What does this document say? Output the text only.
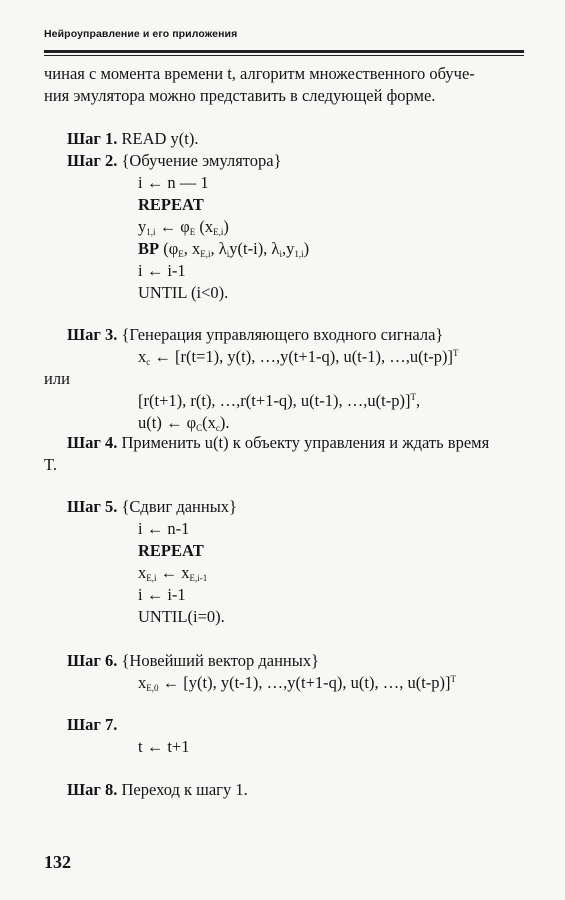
Нейроуправление и его приложения
чиная с момента времени t, алгоритм множественного обуче-
ния эмулятора можно представить в следующей форме.
Шаг 1. READ y(t).
Шаг 2. {Обучение эмулятора}
i ← n — 1
REPEAT
$y_{1,i}$ ← $\varphi_E$ $(x_{E,i})$
BP ($\varphi_E$, $x_{E,i}$, $\lambda_iy(t-i)$, $\lambda_i,y_{1,i}$)
i ← i-1
UNTIL (i<0).
Шаг 3. {Генерация управляющего входного сигнала}
$x_c$ ← [r(t=1), y(t), …,y(t+1-q), u(t-1), …,u(t-p)]$^T$
или
[r(t+1), r(t), …,r(t+1-q), u(t-1), …,u(t-p)]$^T$,
u(t) ← $\varphi_C(x_c)$.
Шаг 4. Применить u(t) к объекту управления и ждать время
T.
Шаг 5. {Сдвиг данных}
i ← n-1
REPEAT
$x_{E,i}$ ← $x_{E,i-1}$
i ← i-1
UNTIL(i=0).
Шаг 6. {Новейший вектор данных}
$x_{E,0}$ ← [y(t), y(t-1), …,y(t+1-q), u(t), …, u(t-p)]$^T$
Шаг 7.
t ← t+1
Шаг 8. Переход к шагу 1.
132
